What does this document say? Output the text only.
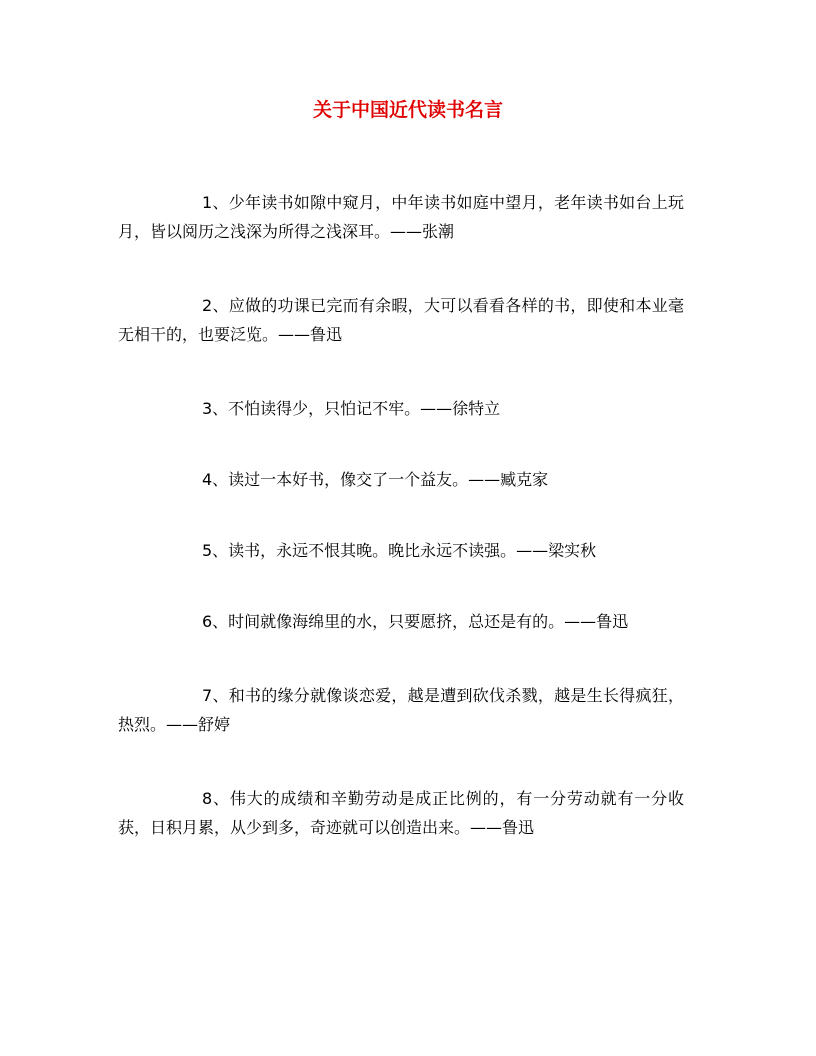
关于中国近代读书名言
1、少年读书如隙中窥月，中年读书如庭中望月，老年读书如台上玩月，皆以阅历之浅深为所得之浅深耳。——张潮
2、应做的功课已完而有余暇，大可以看看各样的书，即使和本业毫无相干的，也要泛览。——鲁迅
3、不怕读得少，只怕记不牢。——徐特立
4、读过一本好书，像交了一个益友。——臧克家
5、读书，永远不恨其晚。晚比永远不读强。——梁实秋
6、时间就像海绵里的水，只要愿挤，总还是有的。——鲁迅
7、和书的缘分就像谈恋爱，越是遭到砍伐杀戮，越是生长得疯狂，热烈。——舒婷
8、伟大的成绩和辛勤劳动是成正比例的，有一分劳动就有一分收获，日积月累，从少到多，奇迹就可以创造出来。——鲁迅
